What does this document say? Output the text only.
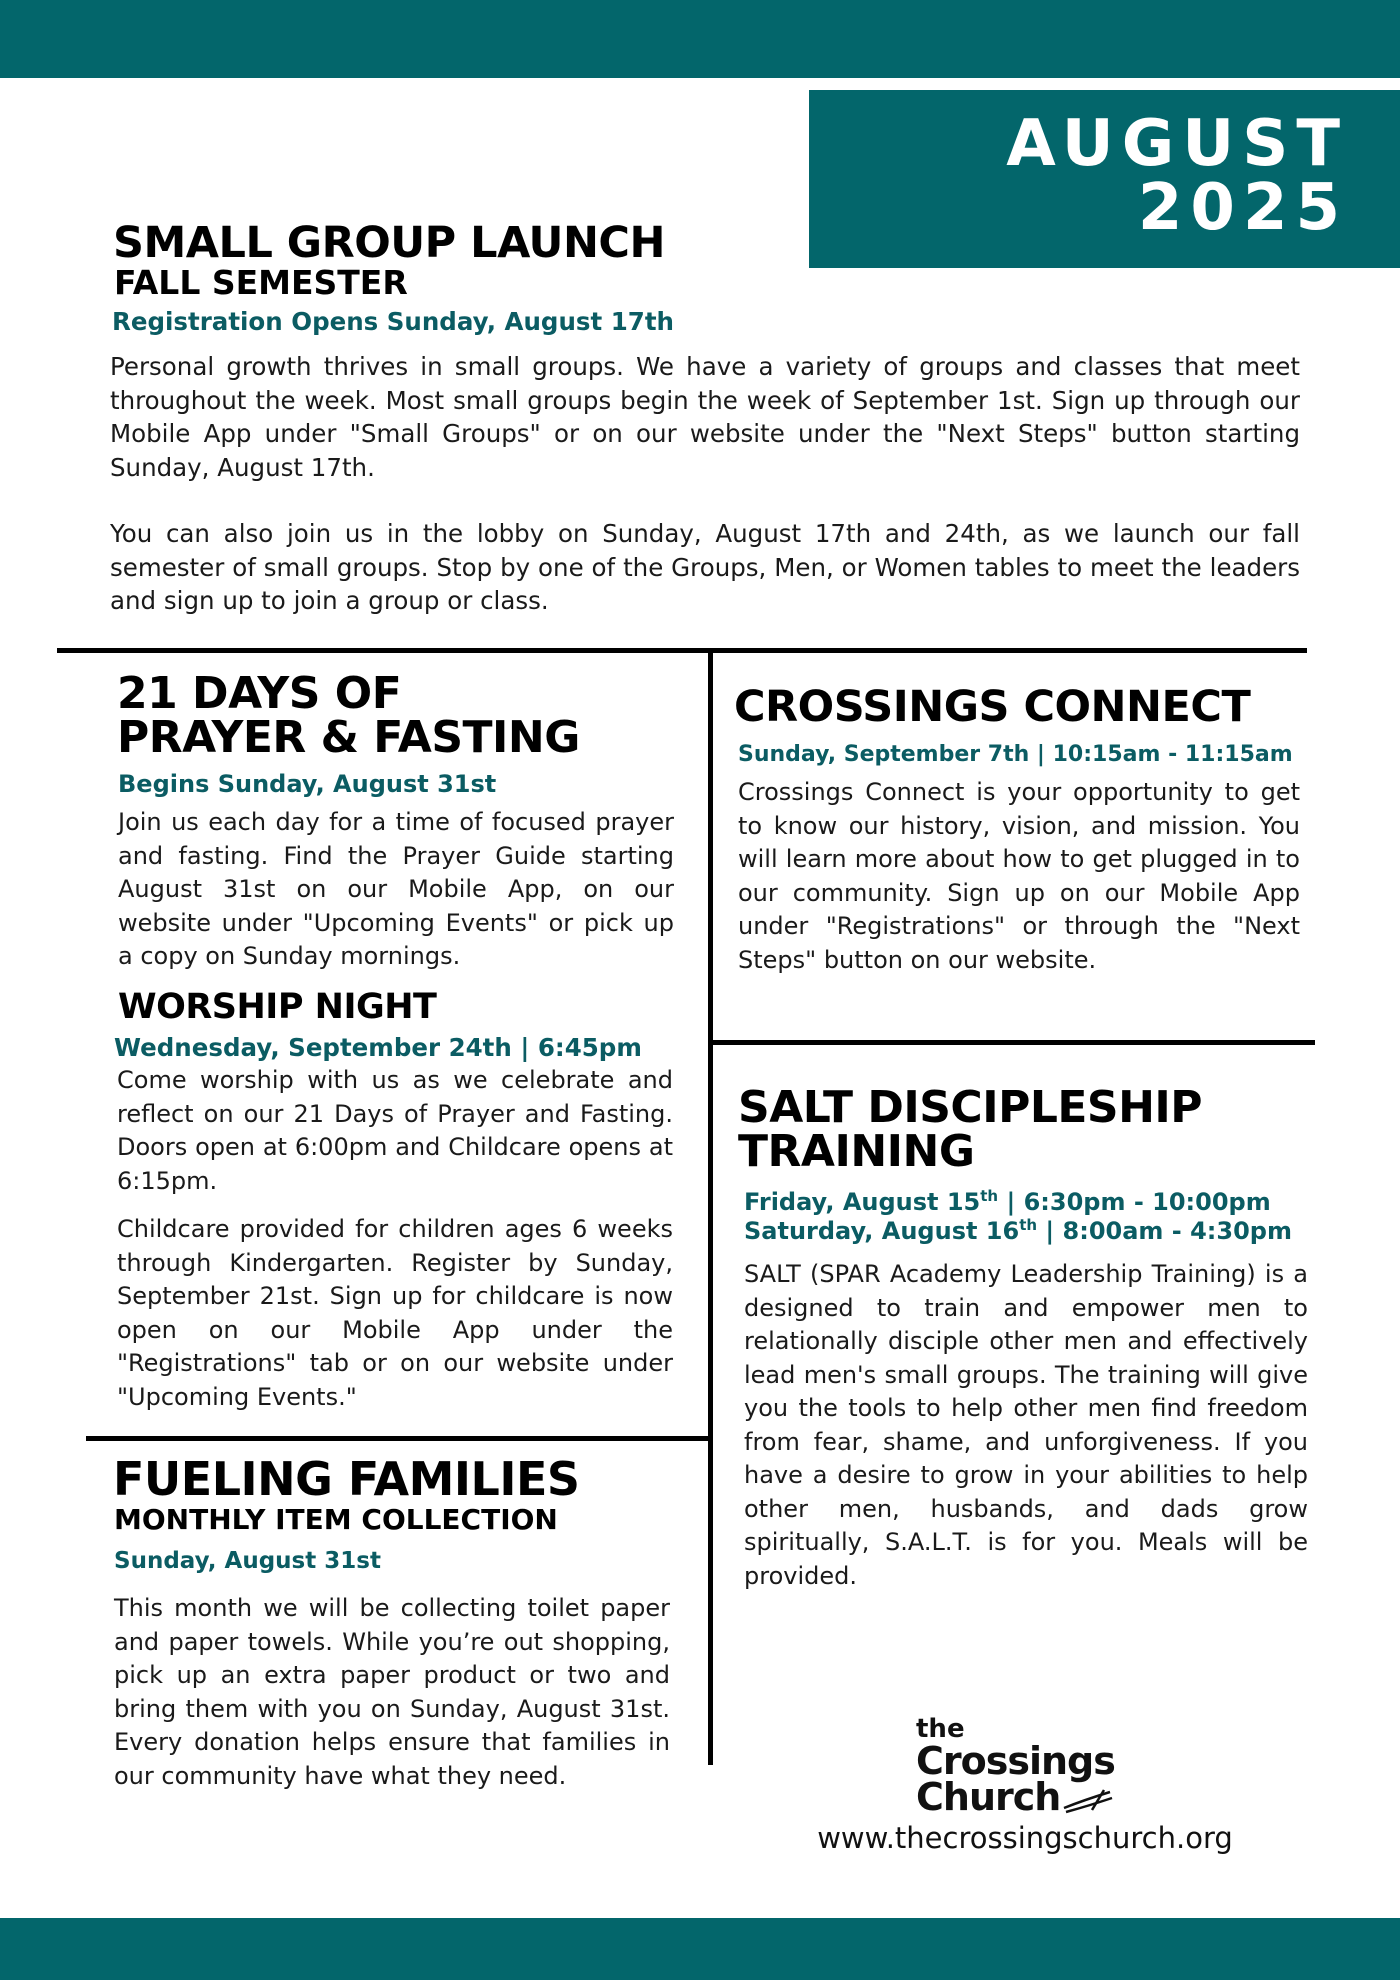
AUGUST
2025
SMALL GROUP LAUNCH
FALL SEMESTER
Registration Opens Sunday, August 17th
Personal growth thrives in small groups. We have a variety of groups and classes that meet throughout the week. Most small groups begin the week of September 1st. Sign up through our Mobile App under "Small Groups" or on our website under the "Next Steps" button starting Sunday, August 17th.
You can also join us in the lobby on Sunday, August 17th and 24th, as we launch our fall semester of small groups. Stop by one of the Groups, Men, or Women tables to meet the leaders and sign up to join a group or class.
21 DAYS OF
PRAYER & FASTING
Begins Sunday, August 31st
Join us each day for a time of focused prayer and fasting. Find the Prayer Guide starting August 31st on our Mobile App, on our website under "Upcoming Events" or pick up a copy on Sunday mornings.
WORSHIP NIGHT
Wednesday, September 24th | 6:45pm
Come worship with us as we celebrate and reflect on our 21 Days of Prayer and Fasting. Doors open at 6:00pm and Childcare opens at 6:15pm.
Childcare provided for children ages 6 weeks through Kindergarten. Register by Sunday, September 21st. Sign up for childcare is now open on our Mobile App under the "Registrations" tab or on our website under "Upcoming Events."
FUELING FAMILIES
MONTHLY ITEM COLLECTION
Sunday, August 31st
This month we will be collecting toilet paper and paper towels. While you’re out shopping, pick up an extra paper product or two and bring them with you on Sunday, August 31st. Every donation helps ensure that families in our community have what they need.
CROSSINGS CONNECT
Sunday, September 7th | 10:15am - 11:15am
Crossings Connect is your opportunity to get to know our history, vision, and mission. You will learn more about how to get plugged in to our community. Sign up on our Mobile App under "Registrations" or through the "Next Steps" button on our website.
SALT DISCIPLESHIP
TRAINING
Friday, August 15th | 6:30pm - 10:00pm
Saturday, August 16th | 8:00am - 4:30pm
SALT (SPAR Academy Leadership Training) is a designed to train and empower men to relationally disciple other men and effectively lead men's small groups. The training will give you the tools to help other men find freedom from fear, shame, and unforgiveness. If you have a desire to grow in your abilities to help other men, husbands, and dads grow spiritually, S.A.L.T. is for you. Meals will be provided.
the
Crossings
Church
www.thecrossingschurch.org
